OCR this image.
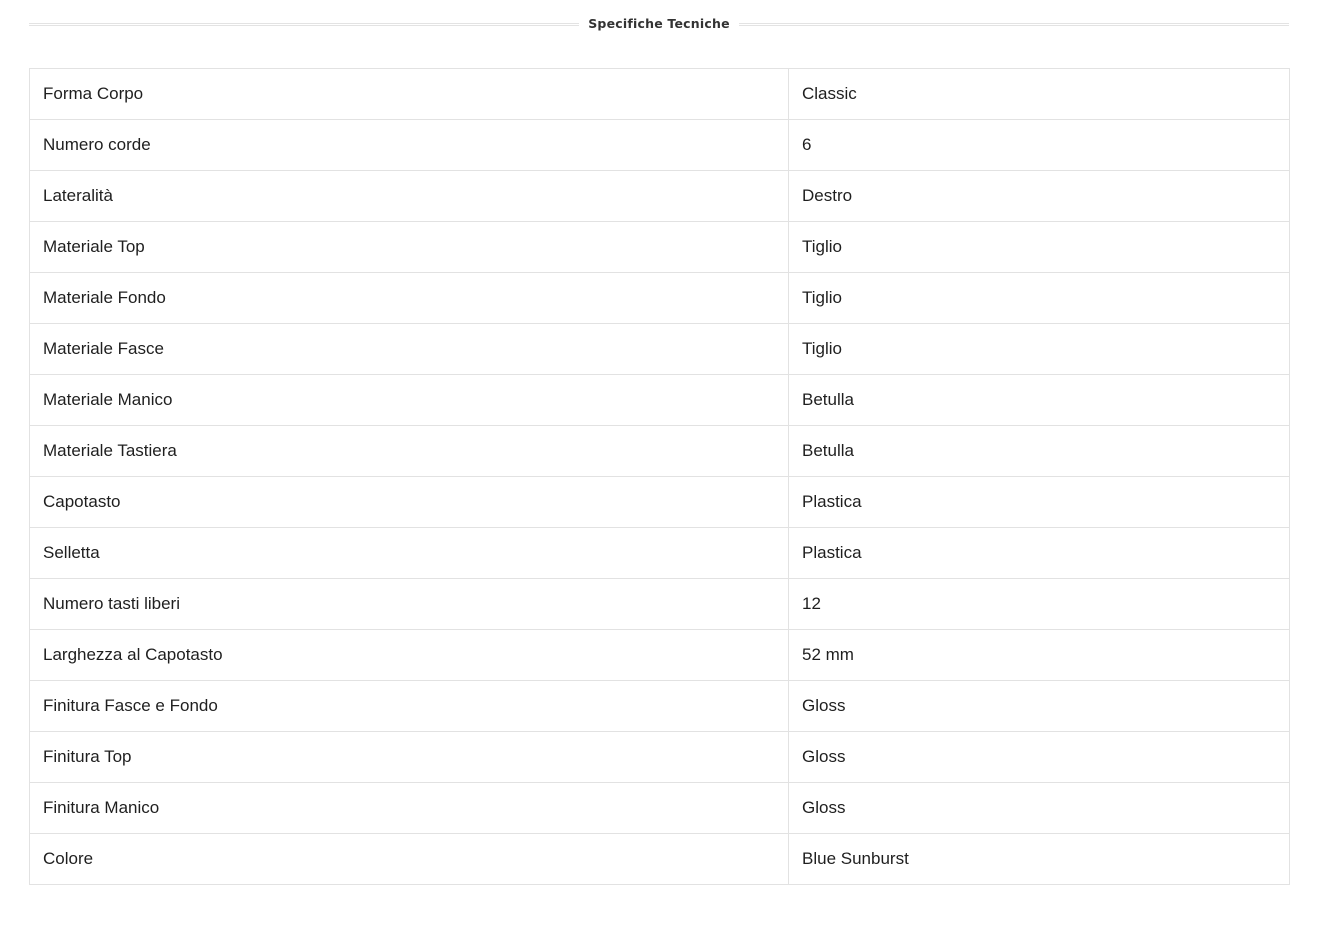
Specifiche Tecniche
Forma Corpo	Classic
Numero corde	6
Lateralità	Destro
Materiale Top	Tiglio
Materiale Fondo	Tiglio
Materiale Fasce	Tiglio
Materiale Manico	Betulla
Materiale Tastiera	Betulla
Capotasto	Plastica
Selletta	Plastica
Numero tasti liberi	12
Larghezza al Capotasto	52 mm
Finitura Fasce e Fondo	Gloss
Finitura Top	Gloss
Finitura Manico	Gloss
Colore	Blue Sunburst
